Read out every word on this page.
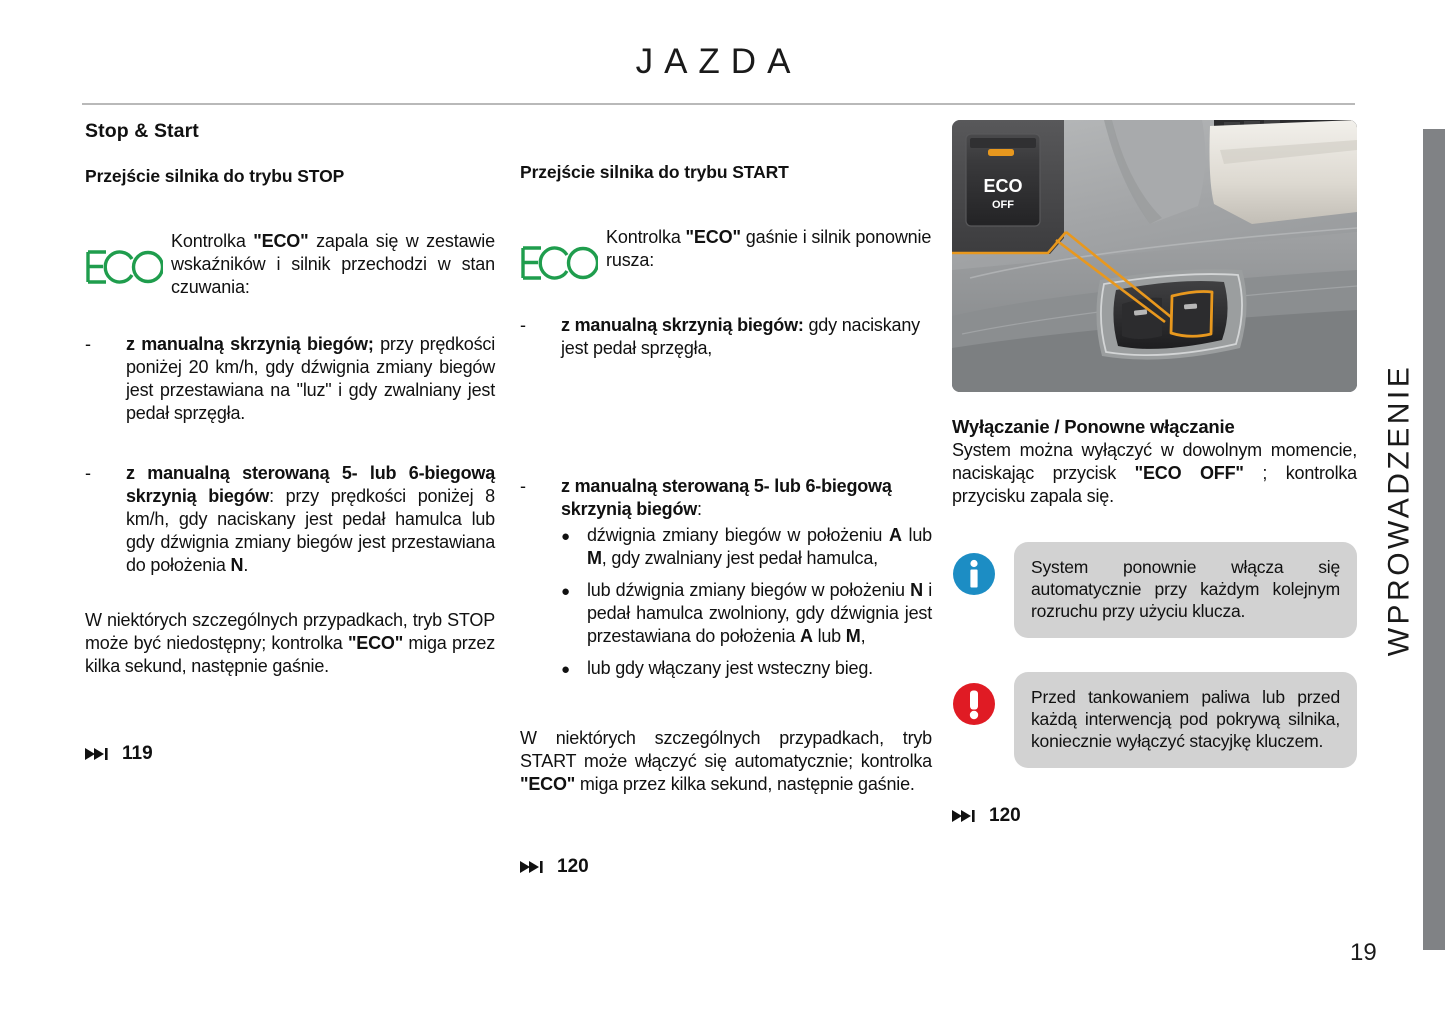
JAZDA
Stop & Start
Przejście silnika do trybu STOP
Kontrolka "ECO" zapala się w zestawie wskaźników i silnik przechodzi w stan czuwania:
-	z manualną skrzynią biegów; przy prędkości poniżej 20 km/h, gdy dźwignia zmiany biegów jest przestawiana na "luz" i gdy zwalniany jest pedał sprzęgła.
-	z manualną sterowaną 5- lub 6-biegową skrzynią biegów: przy prędkości poniżej 8 km/h, gdy naciskany jest pedał hamulca lub gdy dźwignia zmiany biegów jest przestawiana do położenia N.
W niektórych szczególnych przypadkach, tryb STOP może być niedostępny; kontrolka "ECO" miga przez kilka sekund, następnie gaśnie.
119
Przejście silnika do trybu START
Kontrolka "ECO" gaśnie i silnik ponownie rusza:
-	z manualną skrzynią biegów: gdy naciskany jest pedał sprzęgła,
-	z manualną sterowaną 5- lub 6-biegową skrzynią biegów:
● dźwignia zmiany biegów w położeniu A lub M, gdy zwalniany jest pedał hamulca,
● lub dźwignia zmiany biegów w położeniu N i pedał hamulca zwolniony, gdy dźwignia jest przestawiana do położenia A lub M,
● lub gdy włączany jest wsteczny bieg.
W niektórych szczególnych przypadkach, tryb START może włączyć się automatycznie; kontrolka "ECO" miga przez kilka sekund, następnie gaśnie.
120
ECO
OFF
Wyłączanie / Ponowne włączanie
System można wyłączyć w dowolnym momencie, naciskając przycisk "ECO OFF" ; kontrolka przycisku zapala się.
System ponownie włącza się automatycznie przy każdym kolejnym rozruchu przy użyciu klucza.
Przed tankowaniem paliwa lub przed każdą interwencją pod pokrywą silnika, koniecznie wyłączyć stacyjkę kluczem.
120
WPROWADZENIE
19
